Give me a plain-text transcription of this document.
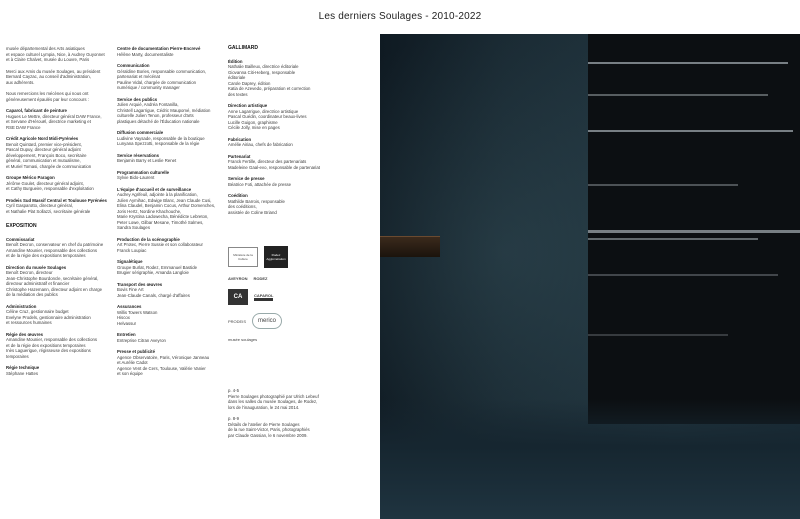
Les derniers Soulages - 2010-2022
musée départemental des Arts asiatiques
et espace culturel Lympia, Nice, à Audrey Guyonnet
et à Claire Chalvet, musée du Louvre, Paris
Merci aux Amis du musée Soulages, au président
Bernard Cayzac, au conseil d'administration,
aux adhérents.
Nous remercions les mécènes qui nous ont
généreusement épaulés par leur concours :
Caparol, fabricant de peinture
Hugues Le Mettre, directeur général DAW France,
et Servane d'Hérouël, directrice marketing et
RSE DAW France
Crédit Agricole Nord Midi-Pyrénées
Benoit Quintard, premier vice-président,
Pascal Dupuy, directeur général adjoint
développement, François Boco, secrétaire
général, communication et mutualisme,
et Muriel Tomasi, chargée de communication
Groupe Mérico Paragon
Jérôme Goulet, directeur général adjoint,
et Cathy Burgueire, responsable d'exploitation
Prodeis Sud Massif Central et Toulouse Pyrénées
Cyril Gasparotto, directeur général,
et Nathalie Plat Sollazzi, secrétaire générale
EXPOSITION
Commissariat
Benoît Decron, conservateur en chef du patrimoine
Amandine Mounier, responsable des collections
et de la régie des expositions temporaires
Direction du musée Soulages
Benoît Decron, directeur
Jean-Christophe Bourdoncle, secrétaire général,
directeur administratif et financier
Christophe Hazemann, directeur adjoint en charge
de la médiation des publics
Administration
Céline Cruz, gestionnaire budget
Evelyne Prodels, gestionnaire administration
et ressources humaines
Régie des œuvres
Amandine Mounier, responsable des collections
et de la régie des expositions temporaires
Inès Laguerigue, régisseuse des expositions
temporaires
Régie technique
Stéphane Hattes
Centre de documentation Pierre-Encrevé
Hélène Marty, documentaliste
Communication
Géraldine Bories, responsable communication,
partenariat et mécénat
Pauline Vidal, chargée de communication
numérique / community manager
Service des publics
Julien Arquié, Andréa Fontanilla,
Christell Lagarrigue, Cédric Maupomé, médiation
culturelle Julien Tenon, professeur d'arts
plastiques détaché de l'Éducation nationale
Diffusion commerciale
Ludivine Vaysade, responsable de la boutique
Lunyana Spezzotti, responsable de la régie
Service réservations
Benjamin Barry et Leslie Renet
Programmation culturelle
Sylvie Bido-Laurent
L'équipe d'accueil et de surveillance
Audrey Agrifeuil, adjointe à la planification,
Julien Aymihac, Edwige Blanc, Jean Claude Cusi,
Elina Claudel, Benjamin Cocus, Arthur Domenches,
Joris Hertz, Nordine Khachouche,
Marie Krystina Ladowecha, Bénédicte Lebreton,
Peter Lowe, Gilbar Mesane, Timothé Salmes,
Sandra Soulages
Production de la scénographie
Art Protec, Pierre Sussie et son collaborateur
Franck Loupiac
Signalétique
Groupe Burlat, Rodez, Emmanuel Bastide
Brugier sérigraphie, Amanda Langloie
Transport des œuvres
Bovis Fine Art
Jean-Claude Canals, chargé d'affaires
Assurances
Willis Towers Watson
Hiscox
Helvassur
Entretien
Entreprise Citran Aveyron
Presse et publicité
Agence Observatoire, Paris, Véronique Janneau
et Aurélie Cadot
Agence Vent de Cers, Toulouse, Valérie Vanier
et son équipe
GALLIMARD
Édition
Nathalie Bailleux, directrice éditoriale
Giovanna Citi-Heberg, responsable
éditoriale
Carole Daprey, édition
Katia de Azevedo, préparation et correction
des textes
Direction artistique
Anne Lagarrigue, directrice artistique
Pascal Guédin, coordinateur beaux-livres
Lucille Guigon, graphisme
Cécile Jolly, mise en pages
Fabrication
Amélie Airiau, chefs de fabrication
Partenariat
Franck Fertille, directeur des partenariats
Madeleine Gaal-evo, responsable de partenariat
Service de presse
Béatrice Foti, attachée de presse
Coédition
Mathilde Barrois, responsable
des coéditions,
assistée de Coline Briand
Ministère de la Culture
Rodez Agglomération
AVEYRON RODEZ
CA	CAPAROL
PRODEIS	merico
musée soulages
p. 4-5
Pierre Soulages photographié par Ulrich Lebeuf
dans les salles du musée Soulages, de Rodez,
lors de l'inauguration, le 24 mai 2014.
p. 8-9
Détails de l'atelier de Pierre Soulages
de la rue Saint-Victor, Paris, photographiés
par Claude Gassian, le 6 novembre 2009.
